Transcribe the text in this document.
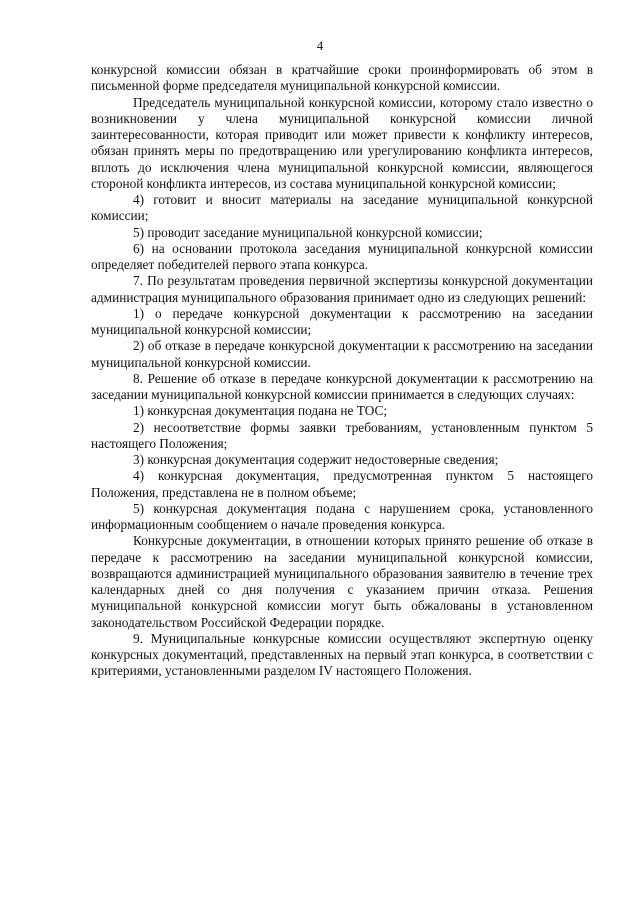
4

конкурсной комиссии обязан в кратчайшие сроки проинформировать об этом в письменной форме председателя муниципальной конкурсной комиссии.

Председатель муниципальной конкурсной комиссии, которому стало известно о возникновении у члена муниципальной конкурсной комиссии личной заинтересованности, которая приводит или может привести к конфликту интересов, обязан принять меры по предотвращению или урегулированию конфликта интересов, вплоть до исключения члена муниципальной конкурсной комиссии, являющегося стороной конфликта интересов, из состава муниципальной конкурсной комиссии;

4) готовит и вносит материалы на заседание муниципальной конкурсной комиссии;

5) проводит заседание муниципальной конкурсной комиссии;

6) на основании протокола заседания муниципальной конкурсной комиссии определяет победителей первого этапа конкурса.

7. По результатам проведения первичной экспертизы конкурсной документации администрация муниципального образования принимает одно из следующих решений:

1) о передаче конкурсной документации к рассмотрению на заседании муниципальной конкурсной комиссии;

2) об отказе в передаче конкурсной документации к рассмотрению на заседании муниципальной конкурсной комиссии.

8. Решение об отказе в передаче конкурсной документации к рассмотрению на заседании муниципальной конкурсной комиссии принимается в следующих случаях:

1) конкурсная документация подана не ТОС;

2) несоответствие формы заявки требованиям, установленным пунктом 5 настоящего Положения;

3) конкурсная документация содержит недостоверные сведения;

4) конкурсная документация, предусмотренная пунктом 5 настоящего Положения, представлена не в полном объеме;

5) конкурсная документация подана с нарушением срока, установленного информационным сообщением о начале проведения конкурса.

Конкурсные документации, в отношении которых принято решение об отказе в передаче к рассмотрению на заседании муниципальной конкурсной комиссии, возвращаются администрацией муниципального образования заявителю в течение трех календарных дней со дня получения с указанием причин отказа. Решения муниципальной конкурсной комиссии могут быть обжалованы в установленном законодательством Российской Федерации порядке.

9. Муниципальные конкурсные комиссии осуществляют экспертную оценку конкурсных документаций, представленных на первый этап конкурса, в соответствии с критериями, установленными разделом IV настоящего Положения.
